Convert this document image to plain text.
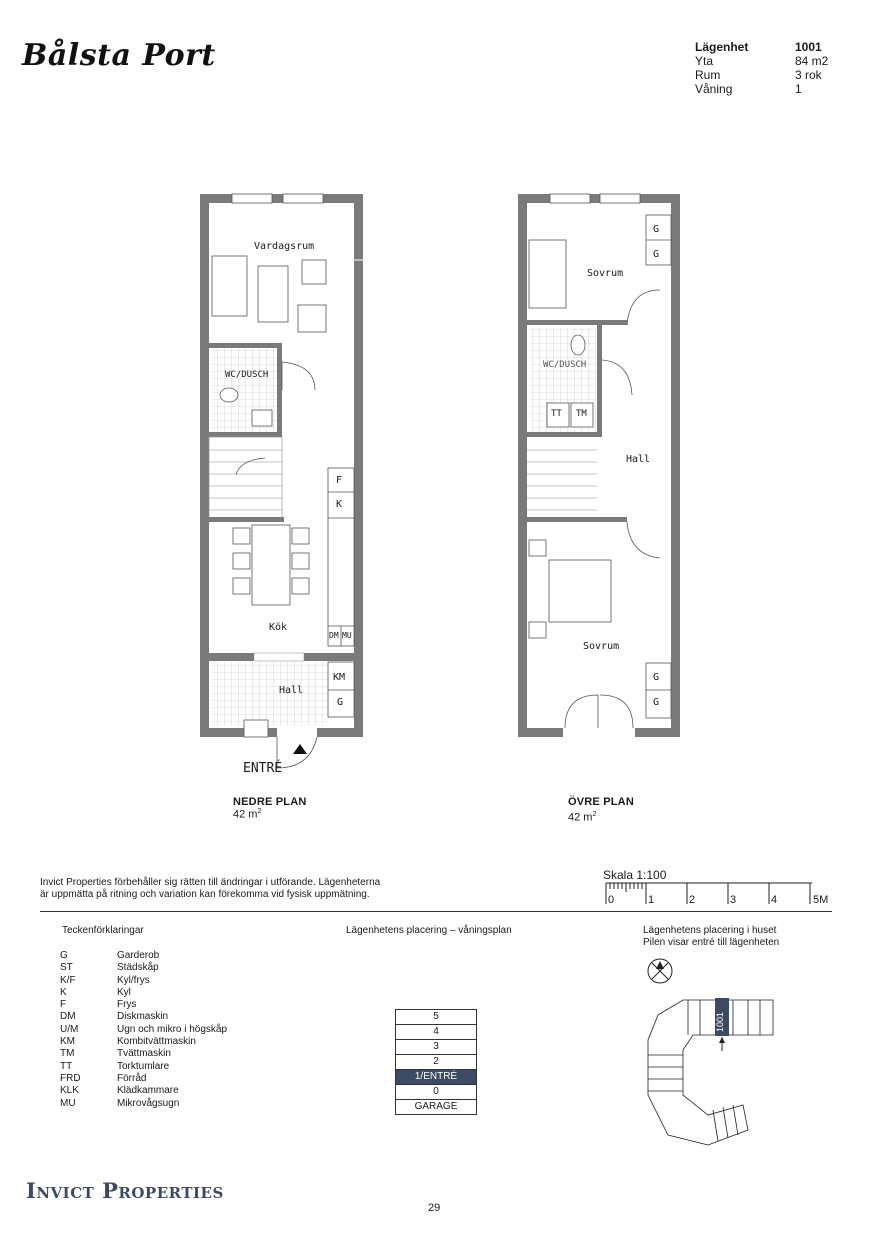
Bålsta Port	Lägenhet	1001
Yta	84 m2
Rum	3 rok
Våning	1
Vardagsrum
WC/DUSCH
Kök
Hall
F
K
DM MU
KM
G
ENTRÉ
Sovrum
G
G
WC/DUSCH
TT TM
Hall
Sovrum
G
G
NEDRE PLAN
42 $m^2$
ÖVRE PLAN
42 $m^2$
Invict Properties förbehåller sig rätten till ändringar i utförande. Lägenheterna
är uppmätta på ritning och variation kan förekomma vid fysisk uppmätning.
Skala 1:100
0	1	2	3	4	5M
Teckenförklaringar
G	Garderob
ST	Städskåp
K/F	Kyl/frys
K	Kyl
F	Frys
DM	Diskmaskin
U/M	Ugn och mikro i högskåp
KM	Kombitvättmaskin
TM	Tvättmaskin
TT	Torktumlare
FRD	Förråd
KLK	Klädkammare
MU	Mikrovågsugn
Lägenhetens placering – våningsplan
5
4
3
2
1/ENTRÉ
0
GARAGE
Lägenhetens placering i huset
Pilen visar entré till lägenheten
1001
Invict Properties
29
